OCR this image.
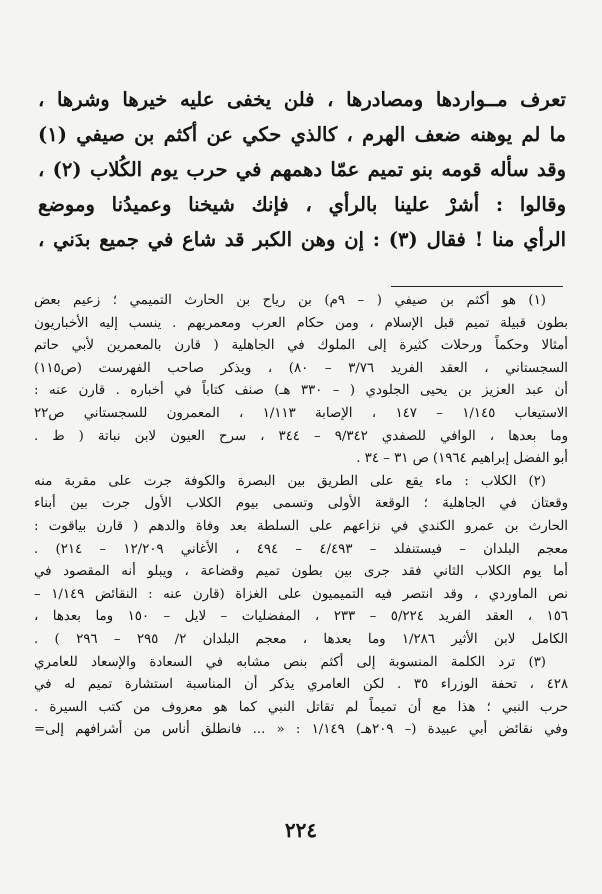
تعرف مــواردها ومصادرها ، فلن يخفى عليه خيرها وشرها ،
ما لم يوهنه ضعف الهرم ، كالذي حكي عن أكثم بن صيفي (١)
وقد سأله قومه بنو تميم عمّا دهمهم في حرب يوم الكُلاب (٢) ،
وقالوا : أشرْ علينا بالرأي ، فإنك شيخنا وعميدُنا وموضع
الرأي منا ! فقال (٣) : إن وهن الكبر قد شاع في جميع بدَني ،
(١) هو أكثم بن صيفي ( – ٩م) بن رياح بن الحارث التميمي ؛ زعيم بعض
بطون قبيلة تميم قبل الإسلام ، ومن حكام العرب ومعمريهم . ينسب إليه الأخباريون
أمثالا وحكماً ورحلات كثيرة إلى الملوك في الجاهلية ( قارن بالمعمرين لأبي حاتم
السجستاني ، العقد الفريد ٣/٧٦ – ٨٠) ، ويذكر صاحب الفهرست (ص١١٥)
أن عبد العزيز بن يحيى الجلودي ( – ٣٣٠ هـ) صنف كتاباً في أخباره . قارن عنه :
الاستيعاب ١/١٤٥ – ١٤٧ ، الإصابة ١/١١٣ ، المعمرون للسجستاني ص٢٢
وما بعدها ، الوافي للصفدي ٩/٣٤٢ – ٣٤٤ ، سرح العيون لابن نباتة ( ط .
أبو الفضل إبراهيم ١٩٦٤) ص ٣١ – ٣٤ .
(٢) الكلاب : ماء يقع على الطريق بين البصرة والكوفة جرت على مقربة منه
وقعتان في الجاهلية ؛ الوقعة الأولى وتسمى بيوم الكلاب الأول جرت بين أبناء
الحارث بن عمرو الكندي في نزاعهم على السلطة بعد وفاة والدهم ( قارن بياقوت :
معجم البلدان – فيستنفلد – ٤/٤٩٣ – ٤٩٤ ، الأغاني ١٢/٢٠٩ – ٢١٤) .
أما يوم الكلاب الثاني فقد جرى بين بطون تميم وقضاعة ، ويبلو أنه المقصود في
نص الماوردي ، وقد انتصر فيه التميميون على الغزاة (قارن عنه : النقائض ١/١٤٩ –
١٥٦ ، العقد الفريد ٥/٢٢٤ – ٢٣٣ ، المفضليات – لايل – ١٥٠ وما بعدها ،
الكامل لابن الأثير ١/٢٨٦ وما بعدها ، معجم البلدان ٢/ ٢٩٥ – ٢٩٦ ) .
(٣) ترد الكلمة المنسوبة إلى أكثم بنص مشابه في السعادة والإسعاد للعامري
٤٢٨ ، تحفة الوزراء ٣٥ . لكن العامري يذكر أن المناسبة استشارة تميم له في
حرب النبي ؛ هذا مع أن تميماً لم تقاتل النبي كما هو معروف من كتب السيرة .
وفي نقائض أبي عبيدة (– ٢٠٩هـ) ١/١٤٩ : « ... فانطلق أناس من أشرافهم إلى=
٢٢٤
